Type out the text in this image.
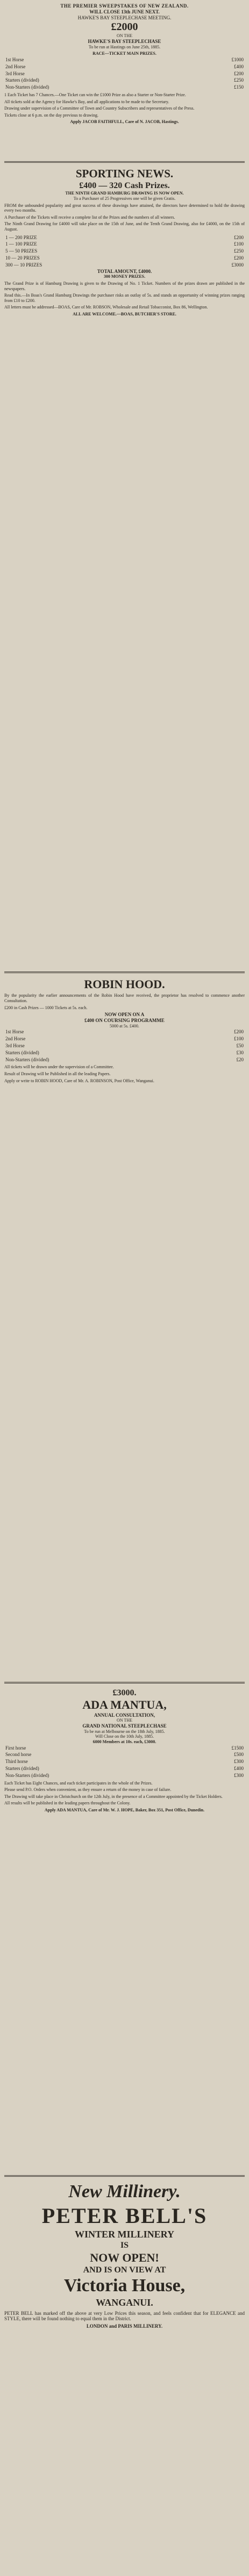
THE PREMIER SWEEPSTAKES OF NEW ZEALAND.
WILL CLOSE 13th JUNE NEXT.
HAWKE'S BAY STEEPLECHASE MEETING.
£2000
ON THE
HAWKE'S BAY STEEPLECHASE
To be run at Hastings on June 25th, 1885.
RACE—TICKET MAIN PRIZES.
1st Horse	£1000
2nd Horse	£400
3rd Horse	£200
Starters (divided)	£250
Non-Starters (divided)	£150
1 Each Ticket has 7 Chances.—One Ticket can win the £1000 Prize as also a Starter or Non-Starter Prize.
All tickets sold at the Agency for Hawke's Bay, and all applications to be made to the Secretary.
Drawing under supervision of a Committee of Town and Country Subscribers and representatives of the Press.
Tickets close at 6 p.m. on the day previous to drawing.
Apply JACOB FAITHFULL, Care of N. JACOB, Hastings.
SPORTING NEWS.
£400 — 320 Cash Prizes.
THE NINTH GRAND HAMBURG DRAWING IS NOW OPEN.
To a Purchaser of 25 Progressives one will be given Gratis.
FROM the unbounded popularity and great success of these drawings have attained, the directors have determined to hold the drawing every two months.
A Purchaser of the Tickets will receive a complete list of the Prizes and the numbers of all winners.
The Ninth Grand Drawing for £4000 will take place on the 15th of June, and the Tenth Grand Drawing, also for £4000, on the 15th of August.
1 — 200 PRIZE	£200
1 — 100 PRIZE	£100
5 — 50 PRIZES	£250
10 — 20 PRIZES	£200
300 — 10 PRIZES	£3000
TOTAL AMOUNT, £4000.
300 MONEY PRIZES.
The Grand Prize is of Hamburg Drawing is given to the Drawing of No. 1 Ticket. Numbers of the prizes drawn are published in the newspapers.
Read this.—In Boas's Grand Hamburg Drawings the purchaser risks an outlay of 5s. and stands an opportunity of winning prizes ranging from £10 to £200.
All letters must be addressed—BOAS, Care of Mr. ROBSON, Wholesale and Retail Tobacconist, Box 86, Wellington.
ALL ARE WELCOME.—BOAS, BUTCHER'S STORE.
ROBIN HOOD.
By the popularity the earlier announcements of the Robin Hood have received, the proprietor has resolved to commence another Consultation.
£200 in Cash Prizes — 1000 Tickets at 5s. each.
NOW OPEN ON A
£400 ON COURSING PROGRAMME
5000 at 5s. £400.
1st Horse	£200
2nd Horse	£100
3rd Horse	£50
Starters (divided)	£30
Non-Starters (divided)	£20
All tickets will be drawn under the supervision of a Committee.
Result of Drawing will be Published in all the leading Papers.
Apply or write to ROBIN HOOD, Care of Mr. A. ROBINSON, Post Office, Wanganui.
£3000.
ADA MANTUA,
ANNUAL CONSULTATION,
ON THE
GRAND NATIONAL STEEPLECHASE
To be run at Melbourne on the 18th July, 1885.
Will Close on the 10th July, 1885.
6000 Members at 10s. each, £3000.
First horse	£1500
Second horse	£500
Third horse	£300
Starters (divided)	£400
Non-Starters (divided)	£300
Each Ticket has Eight Chances, and each ticket participates in the whole of the Prizes.
Please send P.O. Orders when convenient, as they ensure a return of the money in case of failure.
The Drawing will take place in Christchurch on the 12th July, in the presence of a Committee appointed by the Ticket Holders.
All results will be published in the leading papers throughout the Colony.
Apply ADA MANTUA, Care of Mr. W. J. HOPE, Baker, Box 351, Post Office, Dunedin.
New Millinery.
PETER BELL'S
WINTER MILLINERY
IS
NOW OPEN!
AND IS ON VIEW AT
Victoria House,
WANGANUI.
PETER BELL has marked off the above at very Low Prices this season, and feels confident that for ELEGANCE and STYLE, there will be found nothing to equal them in the District.
LONDON and PARIS MILLINERY.
